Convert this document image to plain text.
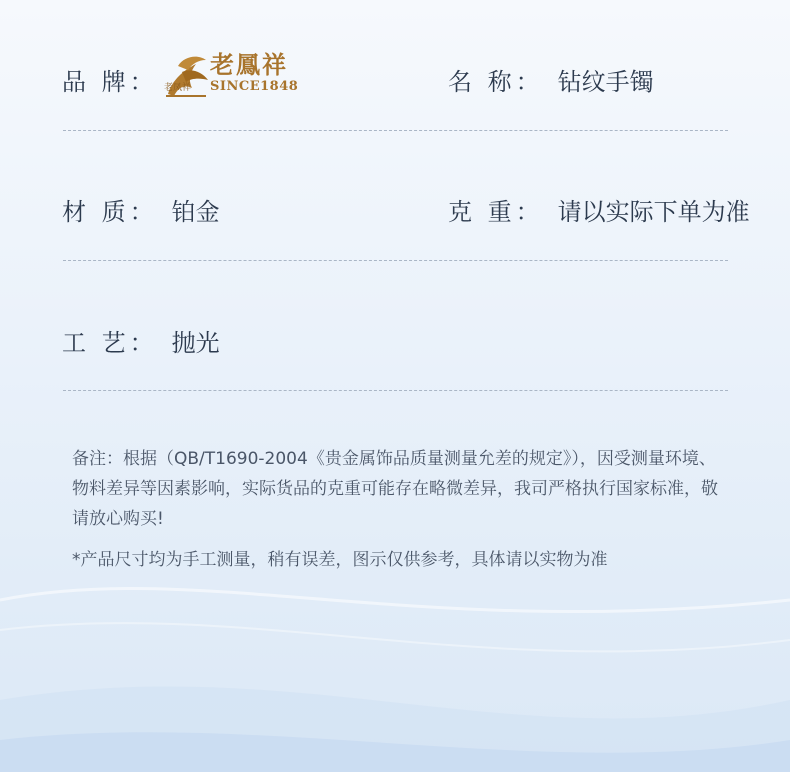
品 牌： 老凤祥
老鳳祥
SINCE1848	名 称： 钻纹手镯
材 质： 铂金	克 重： 请以实际下单为准
工 艺： 抛光
备注：根据（QB/T1690-2004《贵金属饰品质量测量允差的规定》），因受测量环境、物料差异等因素影响，实际货品的克重可能存在略微差异，我司严格执行国家标准，敬请放心购买!
*产品尺寸均为手工测量，稍有误差，图示仅供参考，具体请以实物为准
